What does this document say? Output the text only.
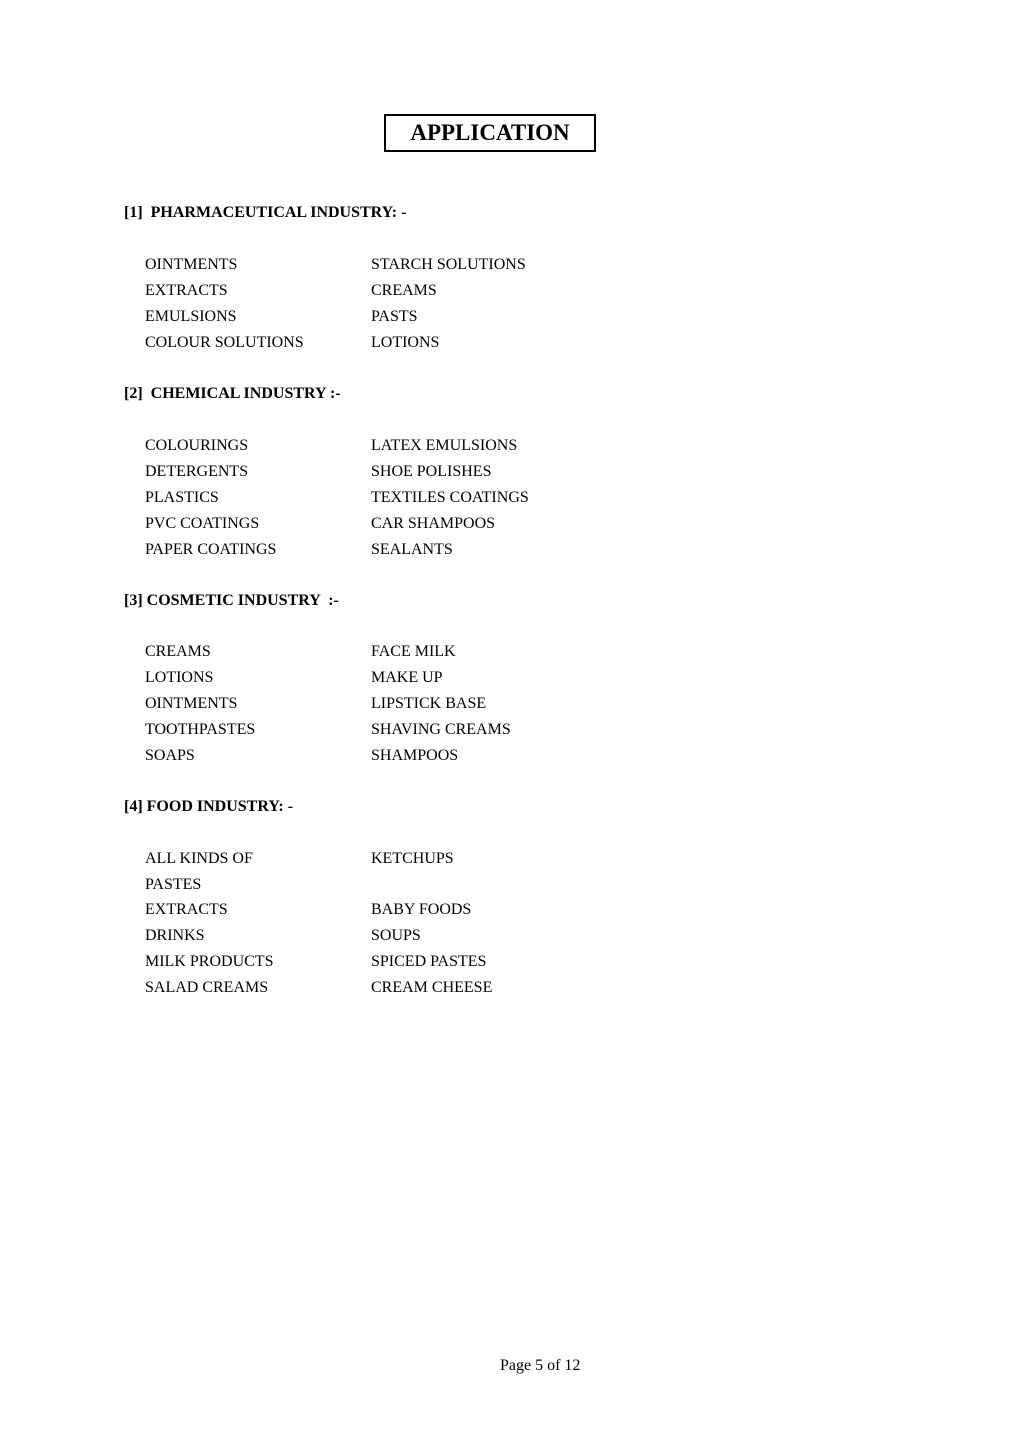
APPLICATION
[1]  PHARMACEUTICAL INDUSTRY: -
OINTMENTS	STARCH SOLUTIONS
EXTRACTS	CREAMS
EMULSIONS	PASTS
COLOUR SOLUTIONS	LOTIONS
[2]  CHEMICAL INDUSTRY :-
COLOURINGS	LATEX EMULSIONS
DETERGENTS	SHOE POLISHES
PLASTICS	TEXTILES COATINGS
PVC COATINGS	CAR SHAMPOOS
PAPER COATINGS	SEALANTS
[3] COSMETIC INDUSTRY  :-
CREAMS	FACE MILK
LOTIONS	MAKE UP
OINTMENTS	LIPSTICK BASE
TOOTHPASTES	SHAVING CREAMS
SOAPS	SHAMPOOS
[4] FOOD INDUSTRY: -
ALL KINDS OF	KETCHUPS
PASTES
EXTRACTS	BABY FOODS
DRINKS	SOUPS
MILK PRODUCTS	SPICED PASTES
SALAD CREAMS	CREAM CHEESE
Page 5 of 12
